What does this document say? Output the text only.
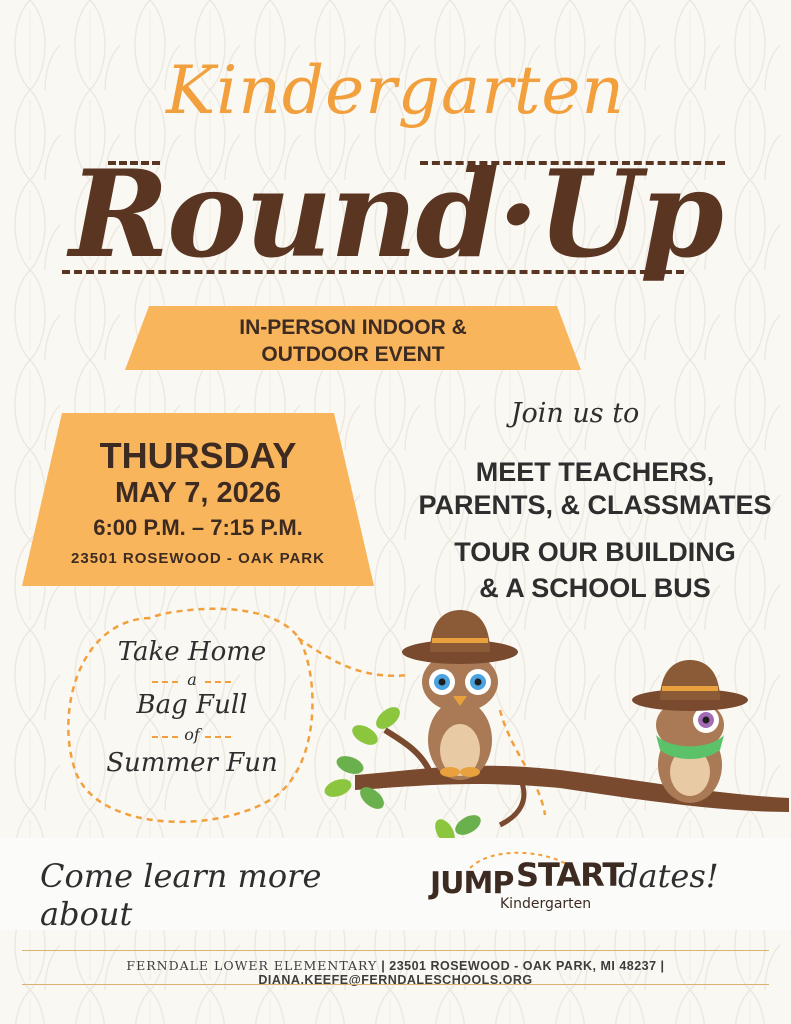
Kindergarten
Round·Up
IN-PERSON INDOOR &
OUTDOOR EVENT
THURSDAY
MAY 7, 2026
6:00 P.M. – 7:15 P.M.
23501 ROSEWOOD - OAK PARK
Join us to
MEET TEACHERS,
PARENTS, & CLASSMATES
TOUR OUR BUILDING
& A SCHOOL BUS
Take Home
a
Bag Full
of
Summer Fun
Come learn more about
JUMP START
Kindergarten
dates!
FERNDALE LOWER ELEMENTARY | 23501 ROSEWOOD - OAK PARK, MI 48237 | DIANA.KEEFE@FERNDALESCHOOLS.ORG
